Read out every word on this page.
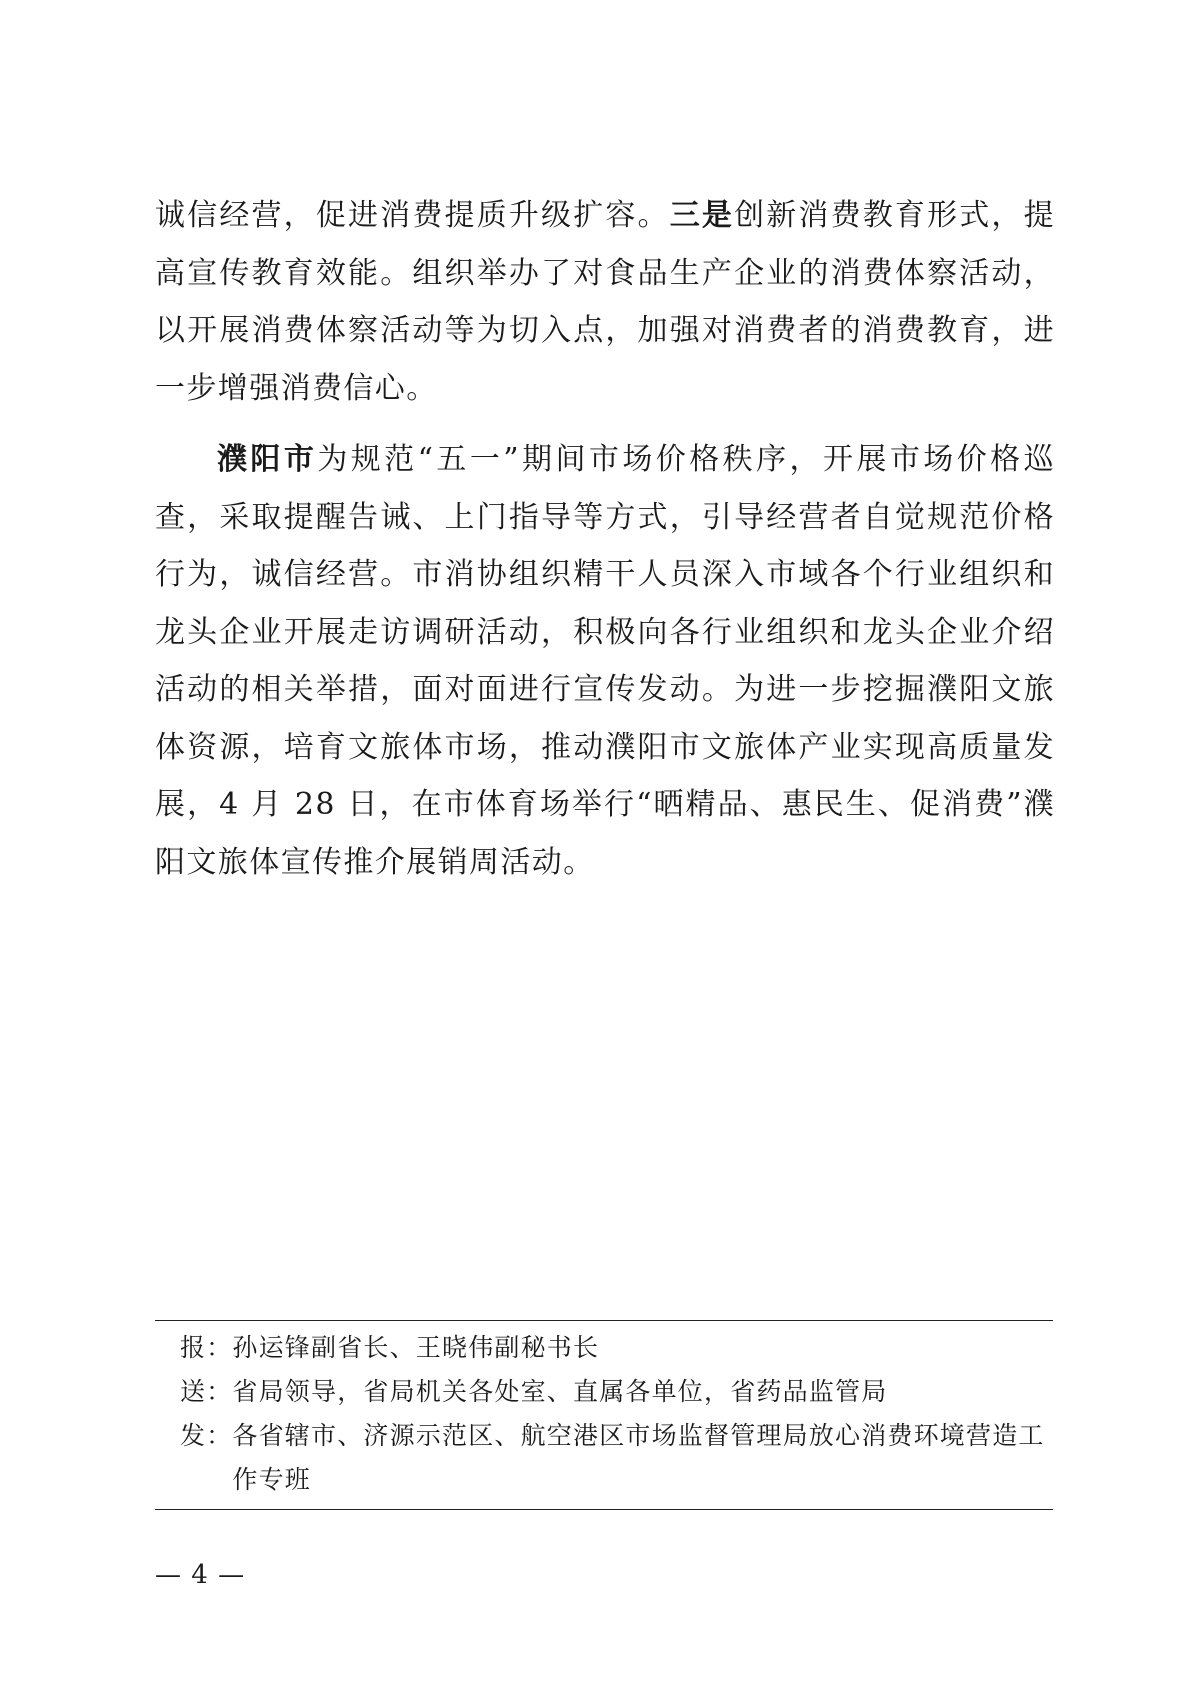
诚信经营，促进消费提质升级扩容。三是创新消费教育形式，提高宣传教育效能。组织举办了对食品生产企业的消费体察活动，以开展消费体察活动等为切入点，加强对消费者的消费教育，进一步增强消费信心。

濮阳市为规范“五一”期间市场价格秩序，开展市场价格巡查，采取提醒告诫、上门指导等方式，引导经营者自觉规范价格行为，诚信经营。市消协组织精干人员深入市域各个行业组织和龙头企业开展走访调研活动，积极向各行业组织和龙头企业介绍活动的相关举措，面对面进行宣传发动。为进一步挖掘濮阳文旅体资源，培育文旅体市场，推动濮阳市文旅体产业实现高质量发展，4 月 28 日，在市体育场举行“晒精品、惠民生、促消费”濮阳文旅体宣传推介展销周活动。

报： 孙运锋副省长、王晓伟副秘书长
送： 省局领导，省局机关各处室、直属各单位，省药品监管局
发： 各省辖市、济源示范区、航空港区市场监督管理局放心消费环境营造工作专班
— 4 —
